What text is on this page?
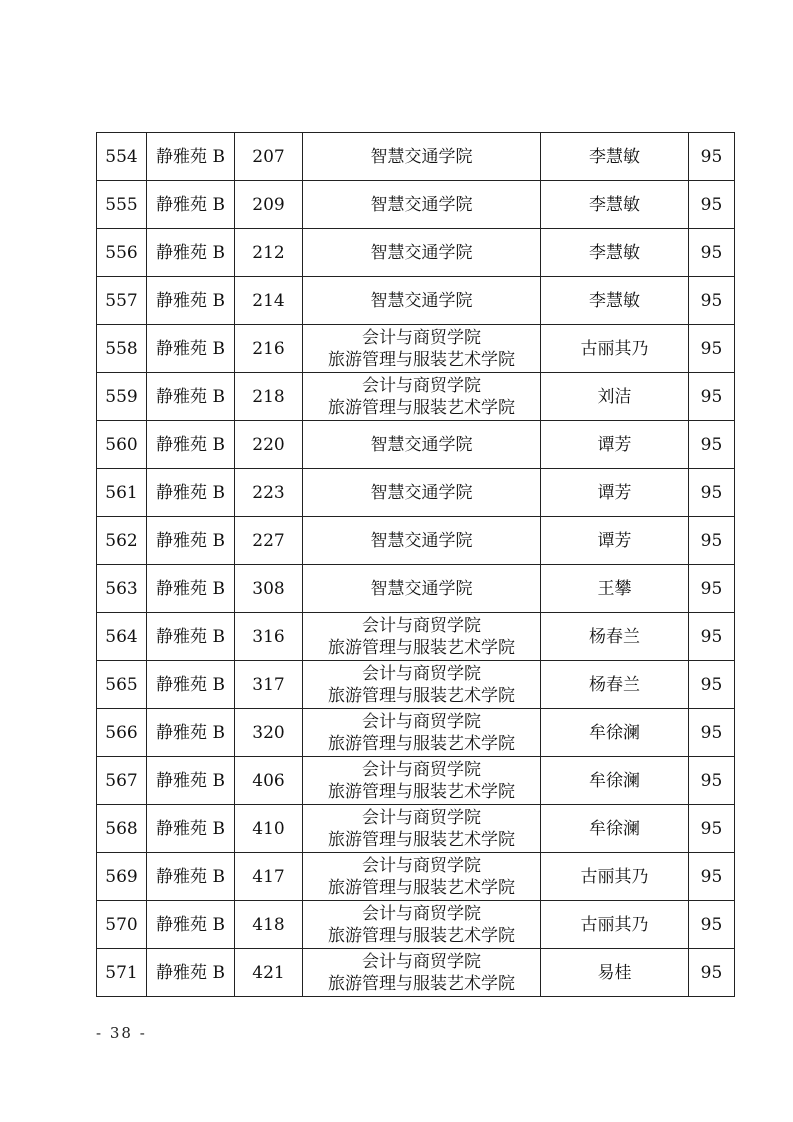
554	静雅苑 B	207	智慧交通学院	李慧敏	95
555	静雅苑 B	209	智慧交通学院	李慧敏	95
556	静雅苑 B	212	智慧交通学院	李慧敏	95
557	静雅苑 B	214	智慧交通学院	李慧敏	95
558	静雅苑 B	216	会计与商贸学院
旅游管理与服装艺术学院	古丽其乃	95
559	静雅苑 B	218	会计与商贸学院
旅游管理与服装艺术学院	刘洁	95
560	静雅苑 B	220	智慧交通学院	谭芳	95
561	静雅苑 B	223	智慧交通学院	谭芳	95
562	静雅苑 B	227	智慧交通学院	谭芳	95
563	静雅苑 B	308	智慧交通学院	王攀	95
564	静雅苑 B	316	会计与商贸学院
旅游管理与服装艺术学院	杨春兰	95
565	静雅苑 B	317	会计与商贸学院
旅游管理与服装艺术学院	杨春兰	95
566	静雅苑 B	320	会计与商贸学院
旅游管理与服装艺术学院	牟徐澜	95
567	静雅苑 B	406	会计与商贸学院
旅游管理与服装艺术学院	牟徐澜	95
568	静雅苑 B	410	会计与商贸学院
旅游管理与服装艺术学院	牟徐澜	95
569	静雅苑 B	417	会计与商贸学院
旅游管理与服装艺术学院	古丽其乃	95
570	静雅苑 B	418	会计与商贸学院
旅游管理与服装艺术学院	古丽其乃	95
571	静雅苑 B	421	会计与商贸学院
旅游管理与服装艺术学院	易桂	95
- 38 -
